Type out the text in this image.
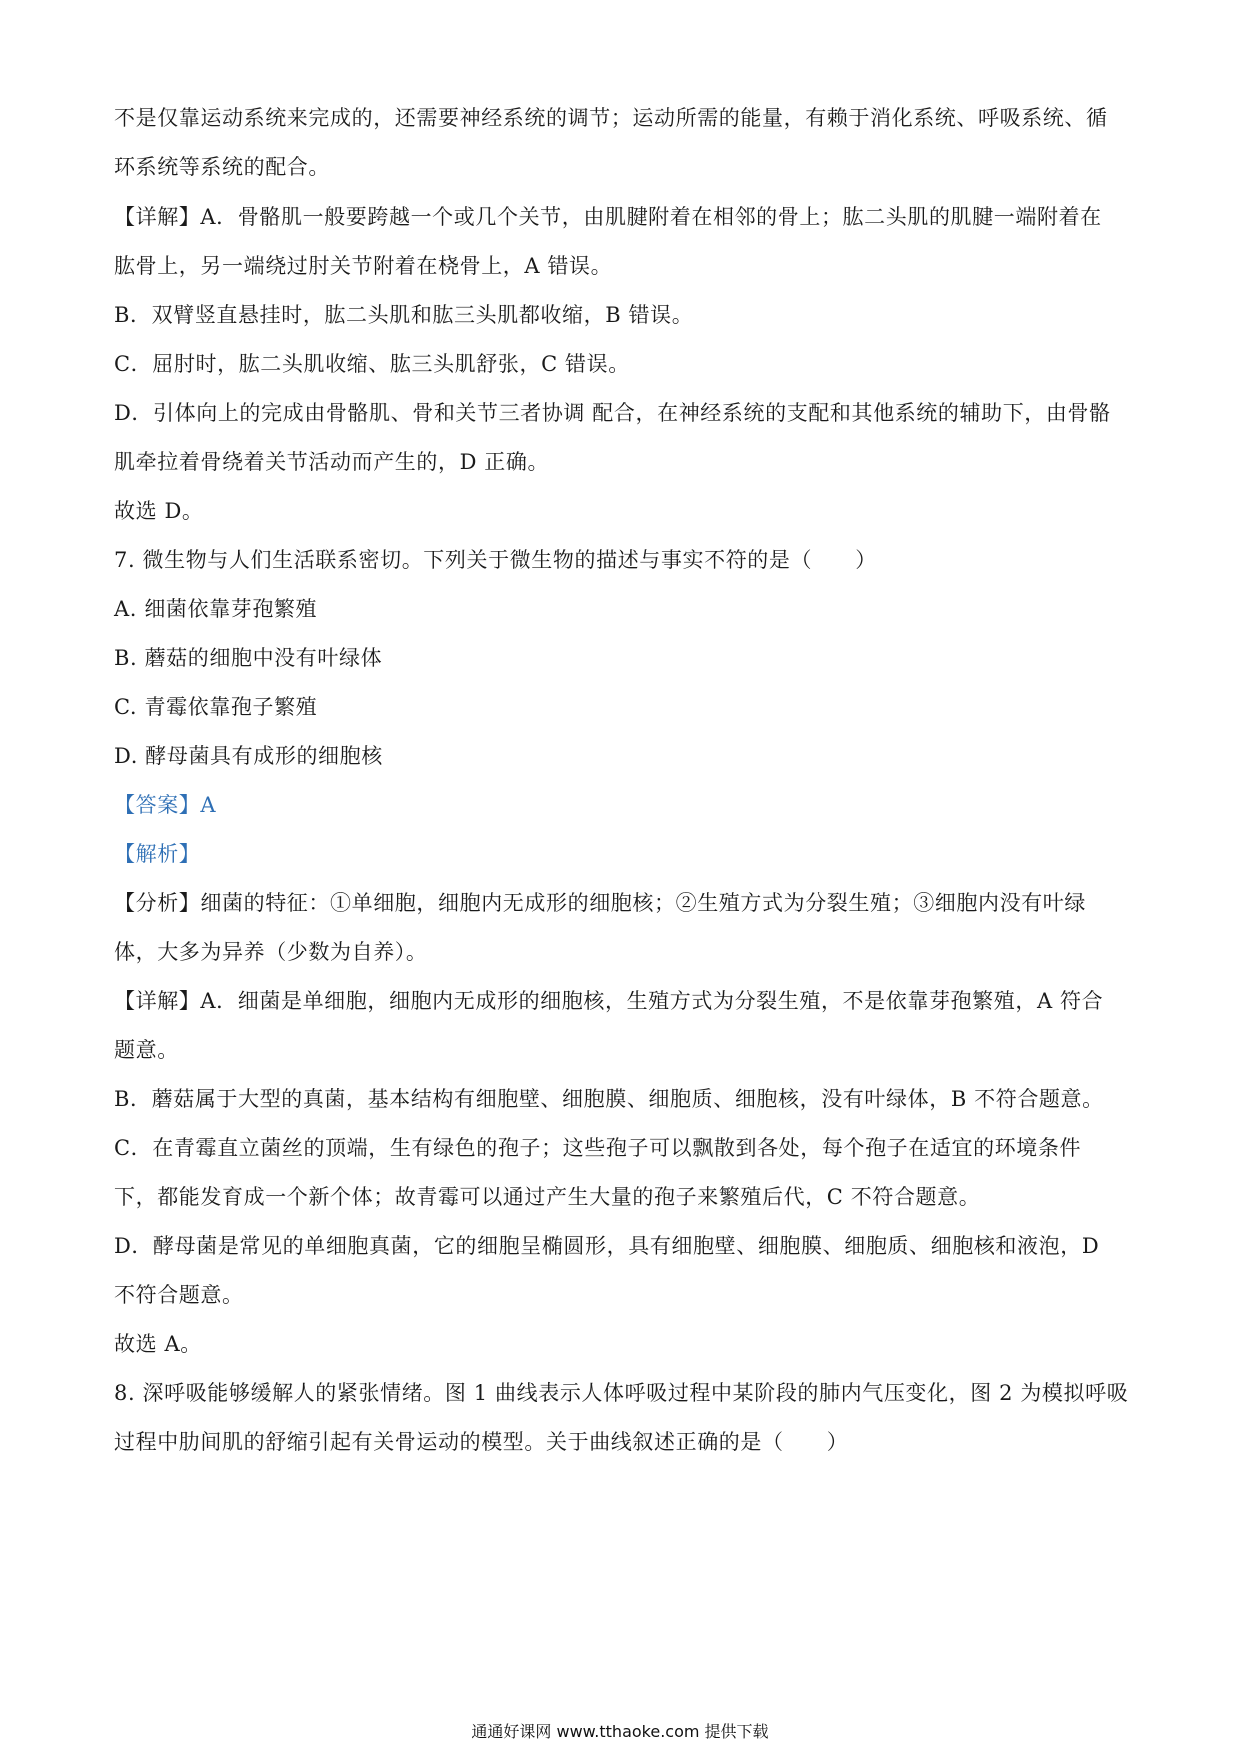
不是仅靠运动系统来完成的，还需要神经系统的调节；运动所需的能量，有赖于消化系统、呼吸系统、循
环系统等系统的配合。
【详解】A．骨骼肌一般要跨越一个或几个关节，由肌腱附着在相邻的骨上；肱二头肌的肌腱一端附着在
肱骨上，另一端绕过肘关节附着在桡骨上，A 错误。
B．双臂竖直悬挂时，肱二头肌和肱三头肌都收缩，B 错误。
C．屈肘时，肱二头肌收缩、肱三头肌舒张，C 错误。
D．引体向上的完成由骨骼肌、骨和关节三者协调 配合，在神经系统的支配和其他系统的辅助下，由骨骼
肌牵拉着骨绕着关节活动而产生的，D 正确。
故选 D。
7. 微生物与人们生活联系密切。下列关于微生物的描述与事实不符的是（　　）
A. 细菌依靠芽孢繁殖
B. 蘑菇的细胞中没有叶绿体
C. 青霉依靠孢子繁殖
D. 酵母菌具有成形的细胞核
【答案】A
【解析】
【分析】细菌的特征：①单细胞，细胞内无成形的细胞核；②生殖方式为分裂生殖；③细胞内没有叶绿
体，大多为异养（少数为自养）。
【详解】A．细菌是单细胞，细胞内无成形的细胞核，生殖方式为分裂生殖，不是依靠芽孢繁殖，A 符合
题意。
B．蘑菇属于大型的真菌，基本结构有细胞壁、细胞膜、细胞质、细胞核，没有叶绿体，B 不符合题意。
C．在青霉直立菌丝的顶端，生有绿色的孢子；这些孢子可以飘散到各处，每个孢子在适宜的环境条件
下，都能发育成一个新个体；故青霉可以通过产生大量的孢子来繁殖后代，C 不符合题意。
D．酵母菌是常见的单细胞真菌，它的细胞呈椭圆形，具有细胞壁、细胞膜、细胞质、细胞核和液泡，D
不符合题意。
故选 A。
8. 深呼吸能够缓解人的紧张情绪。图 1 曲线表示人体呼吸过程中某阶段的肺内气压变化，图 2 为模拟呼吸
过程中肋间肌的舒缩引起有关骨运动的模型。关于曲线叙述正确的是（　　）
通通好课网 www.tthaoke.com 提供下载
